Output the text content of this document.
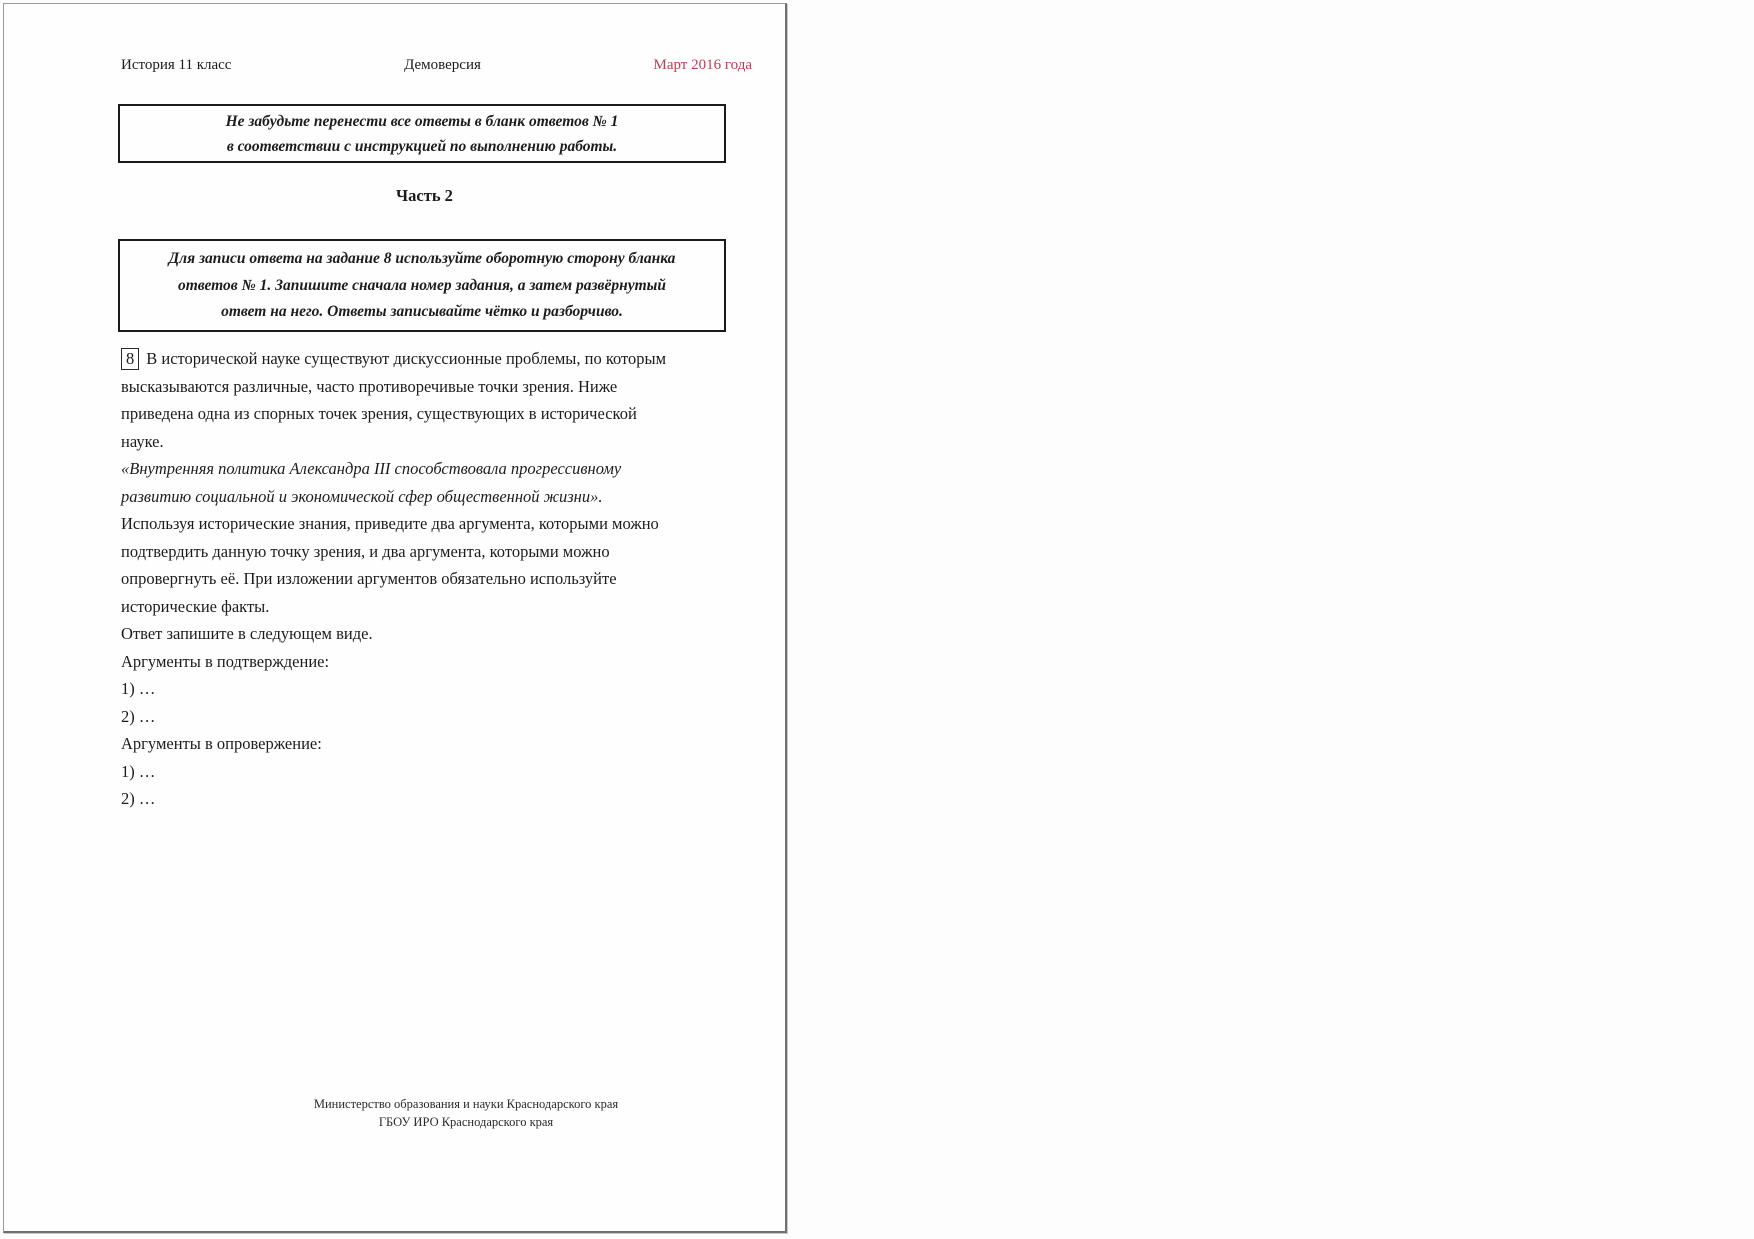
История 11 класс	Демоверсия	Март 2016 года
Не забудьте перенести все ответы в бланк ответов № 1
в соответствии с инструкцией по выполнению работы.
Часть 2
Для записи ответа на задание 8 используйте оборотную сторону бланка
ответов № 1. Запишите сначала номер задания, а затем развёрнутый
ответ на него. Ответы записывайте чётко и разборчиво.
8 В исторической науке существуют дискуссионные проблемы, по которым
высказываются различные, часто противоречивые точки зрения. Ниже
приведена одна из спорных точек зрения, существующих в исторической
науке.
«Внутренняя политика Александра III способствовала прогрессивному
развитию социальной и экономической сфер общественной жизни».
Используя исторические знания, приведите два аргумента, которыми можно
подтвердить данную точку зрения, и два аргумента, которыми можно
опровергнуть её. При изложении аргументов обязательно используйте
исторические факты.
Ответ запишите в следующем виде.
Аргументы в подтверждение:
1) …
2) …
Аргументы в опровержение:
1) …
2) …
Министерство образования и науки Краснодарского края
ГБОУ ИРО Краснодарского края
